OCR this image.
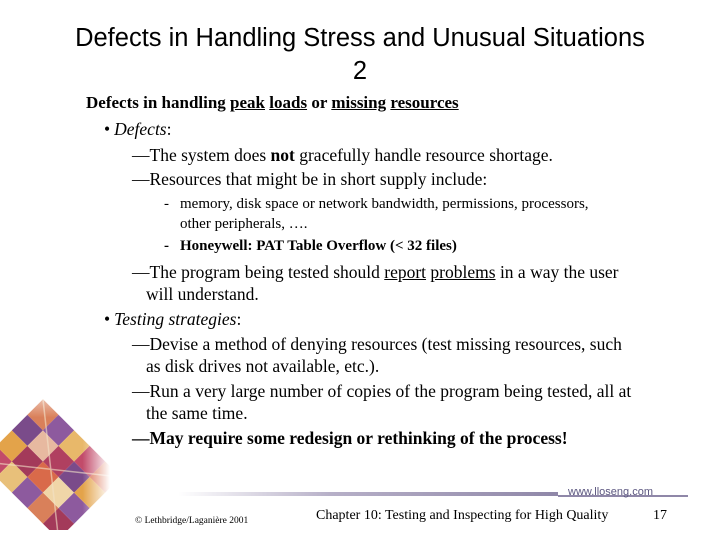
Defects in Handling Stress and Unusual Situations
2
Defects in handling peak loads or missing resources
• Defects:
—The system does not gracefully handle resource shortage.
—Resources that might be in short supply include:
- memory, disk space or network bandwidth, permissions, processors,
other peripherals, ….
- Honeywell: PAT Table Overflow (< 32 files)
—The program being tested should report problems in a way the user
will understand.
• Testing strategies:
—Devise a method of denying resources (test missing resources, such
as disk drives not available, etc.).
—Run a very large number of copies of the program being tested, all at
the same time.
—May require some redesign or rethinking of the process!
www.lloseng.com
© Lethbridge/Laganière 2001	Chapter 10: Testing and Inspecting for High Quality	17
